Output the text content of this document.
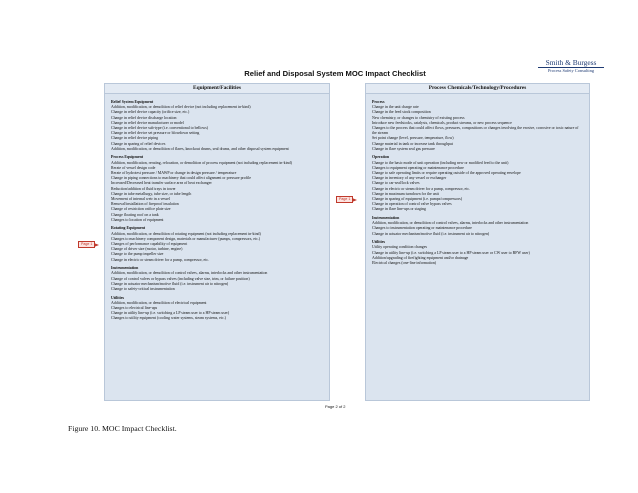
Smith & Burgess
Process Safety Consulting
Relief and Disposal System MOC Impact Checklist
Equipment/Facilities
Relief System Equipment
Addition, modification, or demolition of relief device (not including replacement in-kind)
Change in relief device capacity (orifice size, etc.)
Change in relief device discharge location
Change in relief device manufacturer or model
Change in relief device sub-type (i.e. conventional to bellows)
Change in relief device set pressure or blowdown setting
Change in relief device piping
Change in sparing of relief devices
Addition, modification, or demolition of flares, knockout drums, seal drums, and other disposal system equipment
Process Equipment
Addition, modification, rerating, relocation, or demolition of process equipment (not including replacement in-kind)
Rerate of vessel design code
Rerate of hydrotest pressure / MAWP or change in design pressure / temperature
Change in piping connections to machinery that could affect alignment or pressure profile
Increased/Decreased heat transfer surface area of heat exchanger
Reduction/addition of fluid trays in tower
Change in tube metallurgy, tube size, or tube length
Movement of internal weir in a vessel
Removal/installation of fireproof insulation
Change of restriction orifice plate size
Change floating roof on a tank
Changes to location of equipment
Rotating Equipment
Addition, modification, or demolition of rotating equipment (not including replacement in-kind)
Changes to machinery component design, materials or manufacturer (pumps, compressors, etc.)
Changes of performance capability of equipment
Change of driver size (motor, turbine, engine)
Change to the pump impeller size
Change in electric or steam driver for a pump, compressor, etc.
Instrumentation
Addition, modification, or demolition of control valves, alarms, interlocks and other instrumentation
Change of control valves or bypass valves (including valve size, trim, or failure position)
Change in actuator mechanism/motive fluid (i.e. instrument air to nitrogen)
Change to safety-critical instrumentation
Utilities
Addition, modification, or demolition of electrical equipment
Changes to electrical line-ups
Change in utility line-up (i.e. switching a LP steam user to a HP steam user)
Changes to utility equipment (cooling water systems, steam systems, etc.)
Process Chemicals/Technology/Procedures
Process
Change in the unit charge rate
Change in the feed stock composition
New chemistry, or changes to chemistry of existing process
Introduce new feedstocks, catalysts, chemicals, product streams, or new process sequence
Changes to the process that could affect flows, pressures, compositions or changes involving the erosive, corrosive or toxic nature of the stream
Set point change (level, pressure, temperature, flow)
Change material in tank or increase tank throughput
Change in flare system seal gas pressure
Operation
Change to the basic mode of unit operation (including new or modified feed to the unit)
Changes to equipment operating or maintenance procedure
Change to safe operating limits or require operating outside of the approved operating envelope
Change in inventory of any vessel or exchanger
Change to car-seal/lock valves
Change in electric or steam driver for a pump, compressor, etc.
Change in maximum turndown for the unit
Change in sparing of equipment (i.e. pumps/compressors)
Change in operation of control valve bypass valves
Change in flare line-ups or staging
Instrumentation
Addition, modification, or demolition of control valves, alarms, interlocks and other instrumentation
Changes to instrumentation operating or maintenance procedure
Change in actuator mechanism/motive fluid (i.e. instrument air to nitrogen)
Utilities
Utility operating condition changes
Change in utility line-up (i.e. switching a LP steam user to a HP steam user or CW user to BFW user)
Addition/upgrading of firefighting equipment and/or drainage
Electrical changes (one-line information)
Page 1
Page 1
Page 2 of 2
Figure 10. MOC Impact Checklist.
